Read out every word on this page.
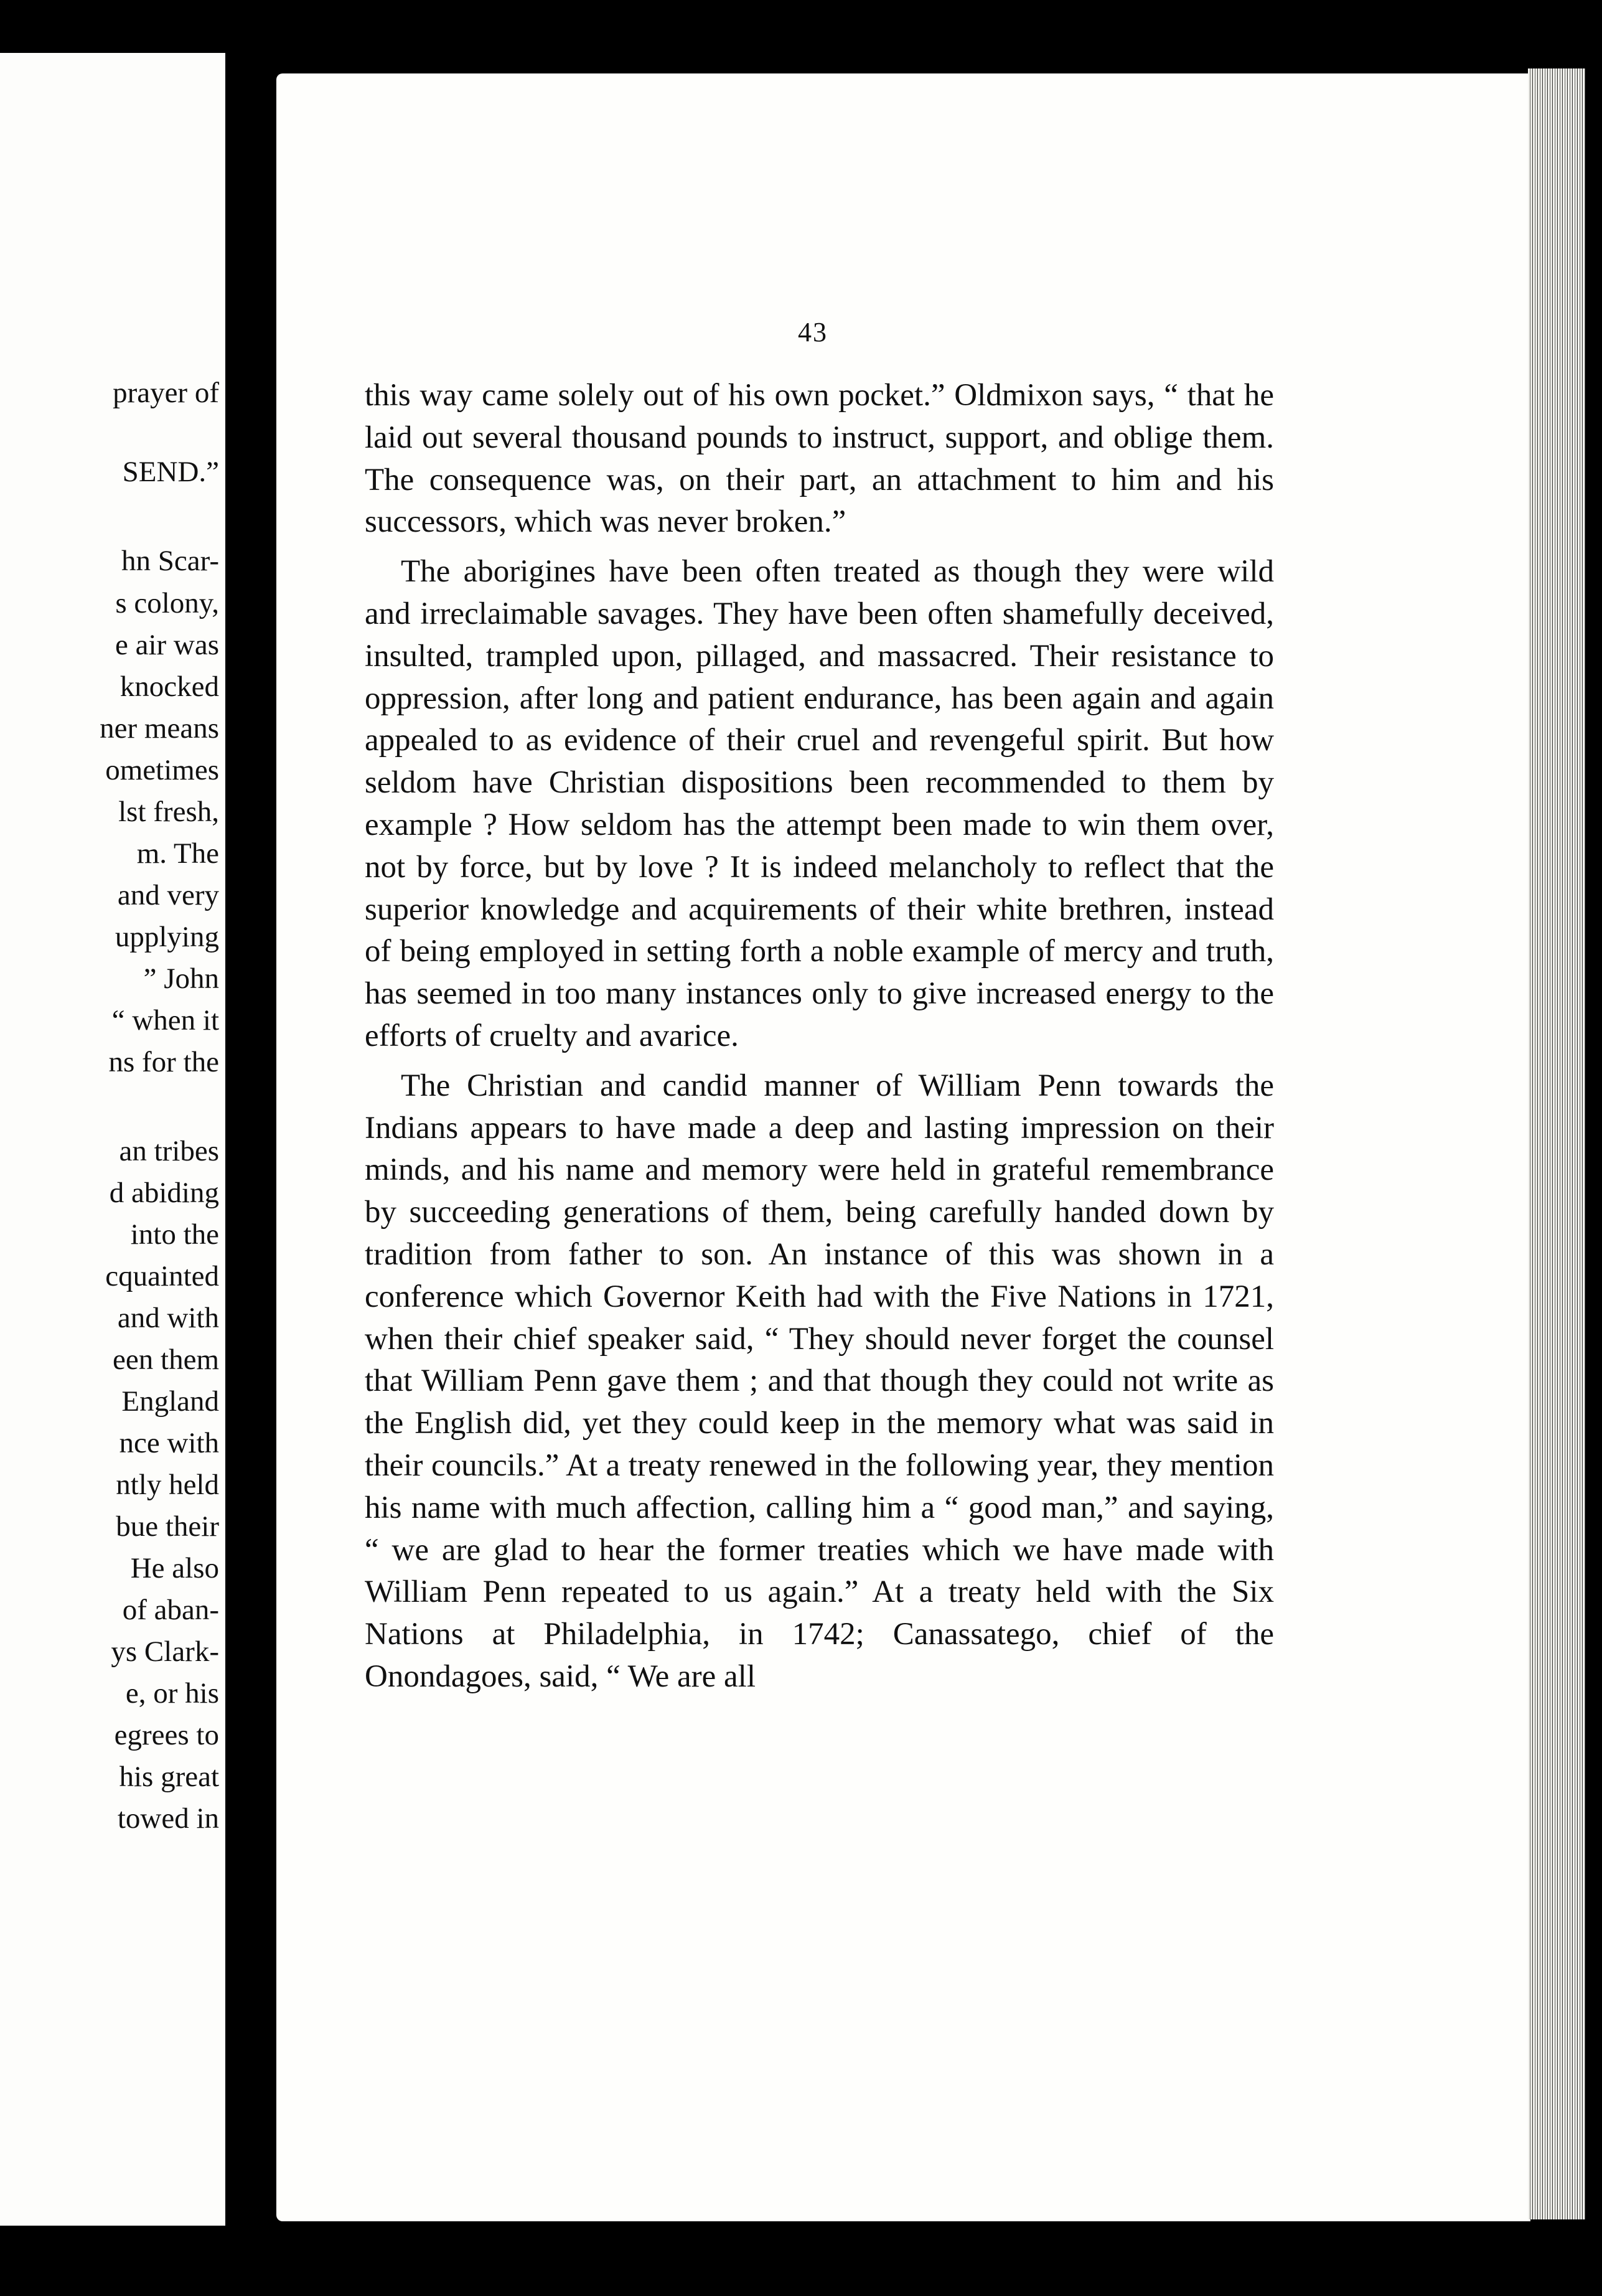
prayer of
SEND.”
hn Scar-
s colony,
e air was
knocked
ner means
ometimes
lst fresh,
m. The
and very
upplying
” John
“ when it
ns for the
an tribes
d abiding
into the
cquainted
and with
een them
England
nce with
ntly held
bue their
He also
of aban-
ys Clark-
e, or his
egrees to
his great
towed in
43

this way came solely out of his own pocket.” Oldmixon says, “ that he laid out several thousand pounds to instruct, support, and oblige them. The consequence was, on their part, an attachment to him and his successors, which was never broken.”

The aborigines have been often treated as though they were wild and irreclaimable savages. They have been often shamefully deceived, insulted, trampled upon, pillaged, and massacred. Their resistance to oppression, after long and patient endurance, has been again and again appealed to as evidence of their cruel and revengeful spirit. But how seldom have Christian dispositions been recommended to them by example ? How seldom has the attempt been made to win them over, not by force, but by love ? It is indeed melancholy to reflect that the superior knowledge and acquirements of their white brethren, instead of being employed in setting forth a noble example of mercy and truth, has seemed in too many instances only to give increased energy to the efforts of cruelty and avarice.

The Christian and candid manner of William Penn towards the Indians appears to have made a deep and lasting impression on their minds, and his name and memory were held in grateful remembrance by succeeding generations of them, being carefully handed down by tradition from father to son. An instance of this was shown in a conference which Governor Keith had with the Five Nations in 1721, when their chief speaker said, “ They should never forget the counsel that William Penn gave them ; and that though they could not write as the English did, yet they could keep in the memory what was said in their councils.” At a treaty renewed in the following year, they mention his name with much affection, calling him a “ good man,” and saying, “ we are glad to hear the former treaties which we have made with William Penn repeated to us again.” At a treaty held with the Six Nations at Philadelphia, in 1742; Canassatego, chief of the Onondagoes, said, “ We are all
